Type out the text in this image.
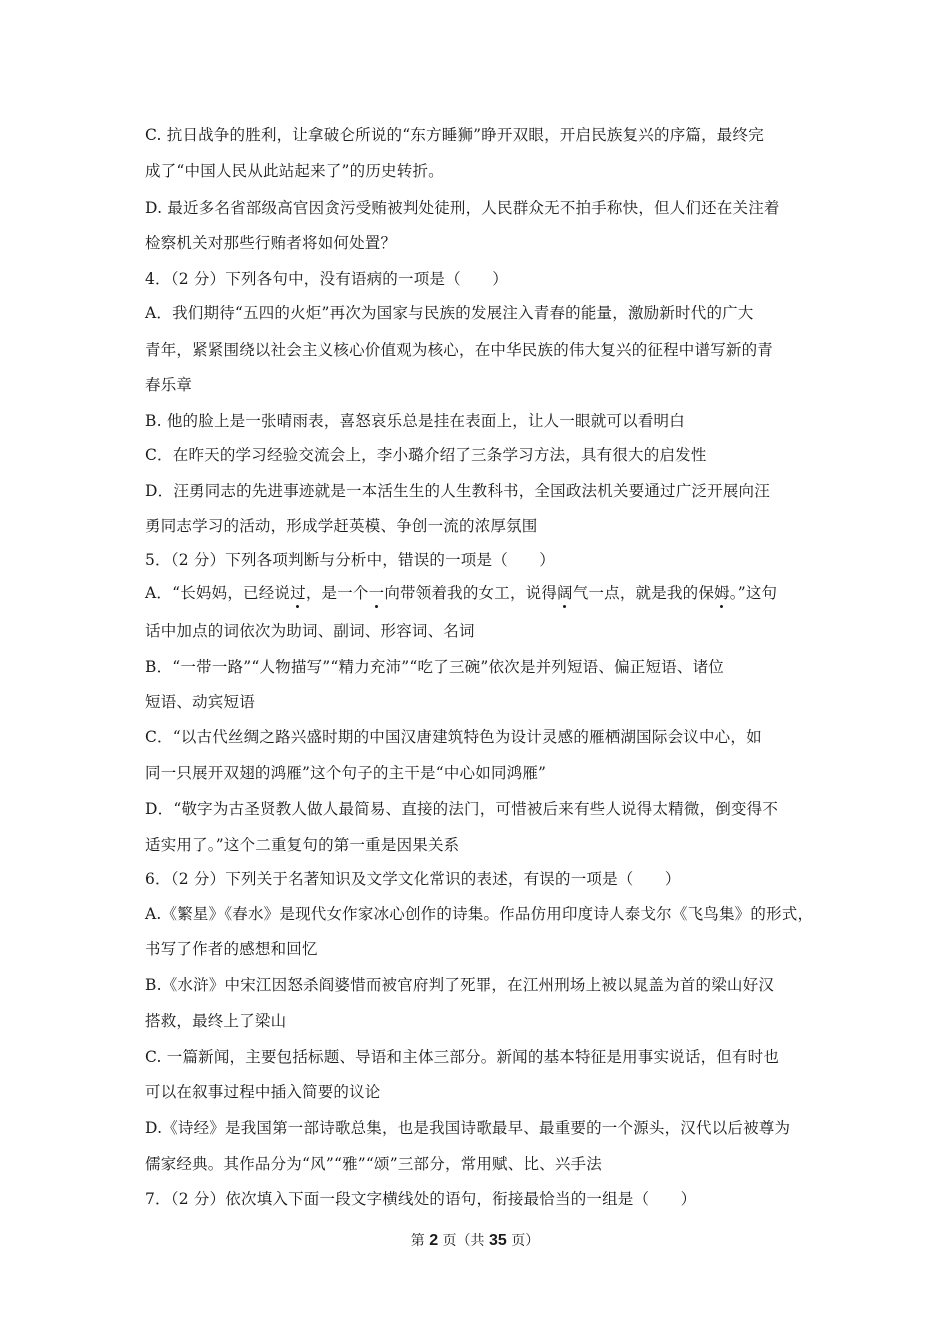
C. 抗日战争的胜利，让拿破仑所说的“东方睡狮”睁开双眼，开启民族复兴的序篇，最终完
成了“中国人民从此站起来了”的历史转折。
D. 最近多名省部级高官因贪污受贿被判处徒刑，人民群众无不拍手称快，但人们还在关注着
检察机关对那些行贿者将如何处置？
4．（2 分）下列各句中，没有语病的一项是（　　）
A．我们期待“五四的火炬”再次为国家与民族的发展注入青春的能量，激励新时代的广大
青年，紧紧围绕以社会主义核心价值观为核心，在中华民族的伟大复兴的征程中谱写新的青
春乐章
B. 他的脸上是一张晴雨表，喜怒哀乐总是挂在表面上，让人一眼就可以看明白
C．在昨天的学习经验交流会上，李小璐介绍了三条学习方法，具有很大的启发性
D．汪勇同志的先进事迹就是一本活生生的人生教科书，全国政法机关要通过广泛开展向汪
勇同志学习的活动，形成学赶英模、争创一流的浓厚氛围
5．（2 分）下列各项判断与分析中，错误的一项是（　　）
A．“长妈妈，已经说过，是一个一向带领着我的女工，说得阔气一点，就是我的保姆。”这句
话中加点的词依次为助词、副词、形容词、名词
B．“一带一路”“人物描写”“精力充沛”“吃了三碗”依次是并列短语、偏正短语、诸位
短语、动宾短语
C．“以古代丝绸之路兴盛时期的中国汉唐建筑特色为设计灵感的雁栖湖国际会议中心，如
同一只展开双翅的鸿雁”这个句子的主干是“中心如同鸿雁”
D．“敬字为古圣贤教人做人最简易、直接的法门，可惜被后来有些人说得太精微，倒变得不
适实用了。”这个二重复句的第一重是因果关系
6．（2 分）下列关于名著知识及文学文化常识的表述，有误的一项是（　　）
A.《繁星》《春水》是现代女作家冰心创作的诗集。作品仿用印度诗人泰戈尔《飞鸟集》的形式，
书写了作者的感想和回忆
B.《水浒》中宋江因怒杀阎婆惜而被官府判了死罪，在江州刑场上被以晁盖为首的梁山好汉
搭救，最终上了梁山
C. 一篇新闻，主要包括标题、导语和主体三部分。新闻的基本特征是用事实说话，但有时也
可以在叙事过程中插入简要的议论
D.《诗经》是我国第一部诗歌总集，也是我国诗歌最早、最重要的一个源头，汉代以后被尊为
儒家经典。其作品分为“风”“雅”“颂”三部分，常用赋、比、兴手法
7．（2 分）依次填入下面一段文字横线处的语句，衔接最恰当的一组是（　　）
第 2 页（共 35 页）
